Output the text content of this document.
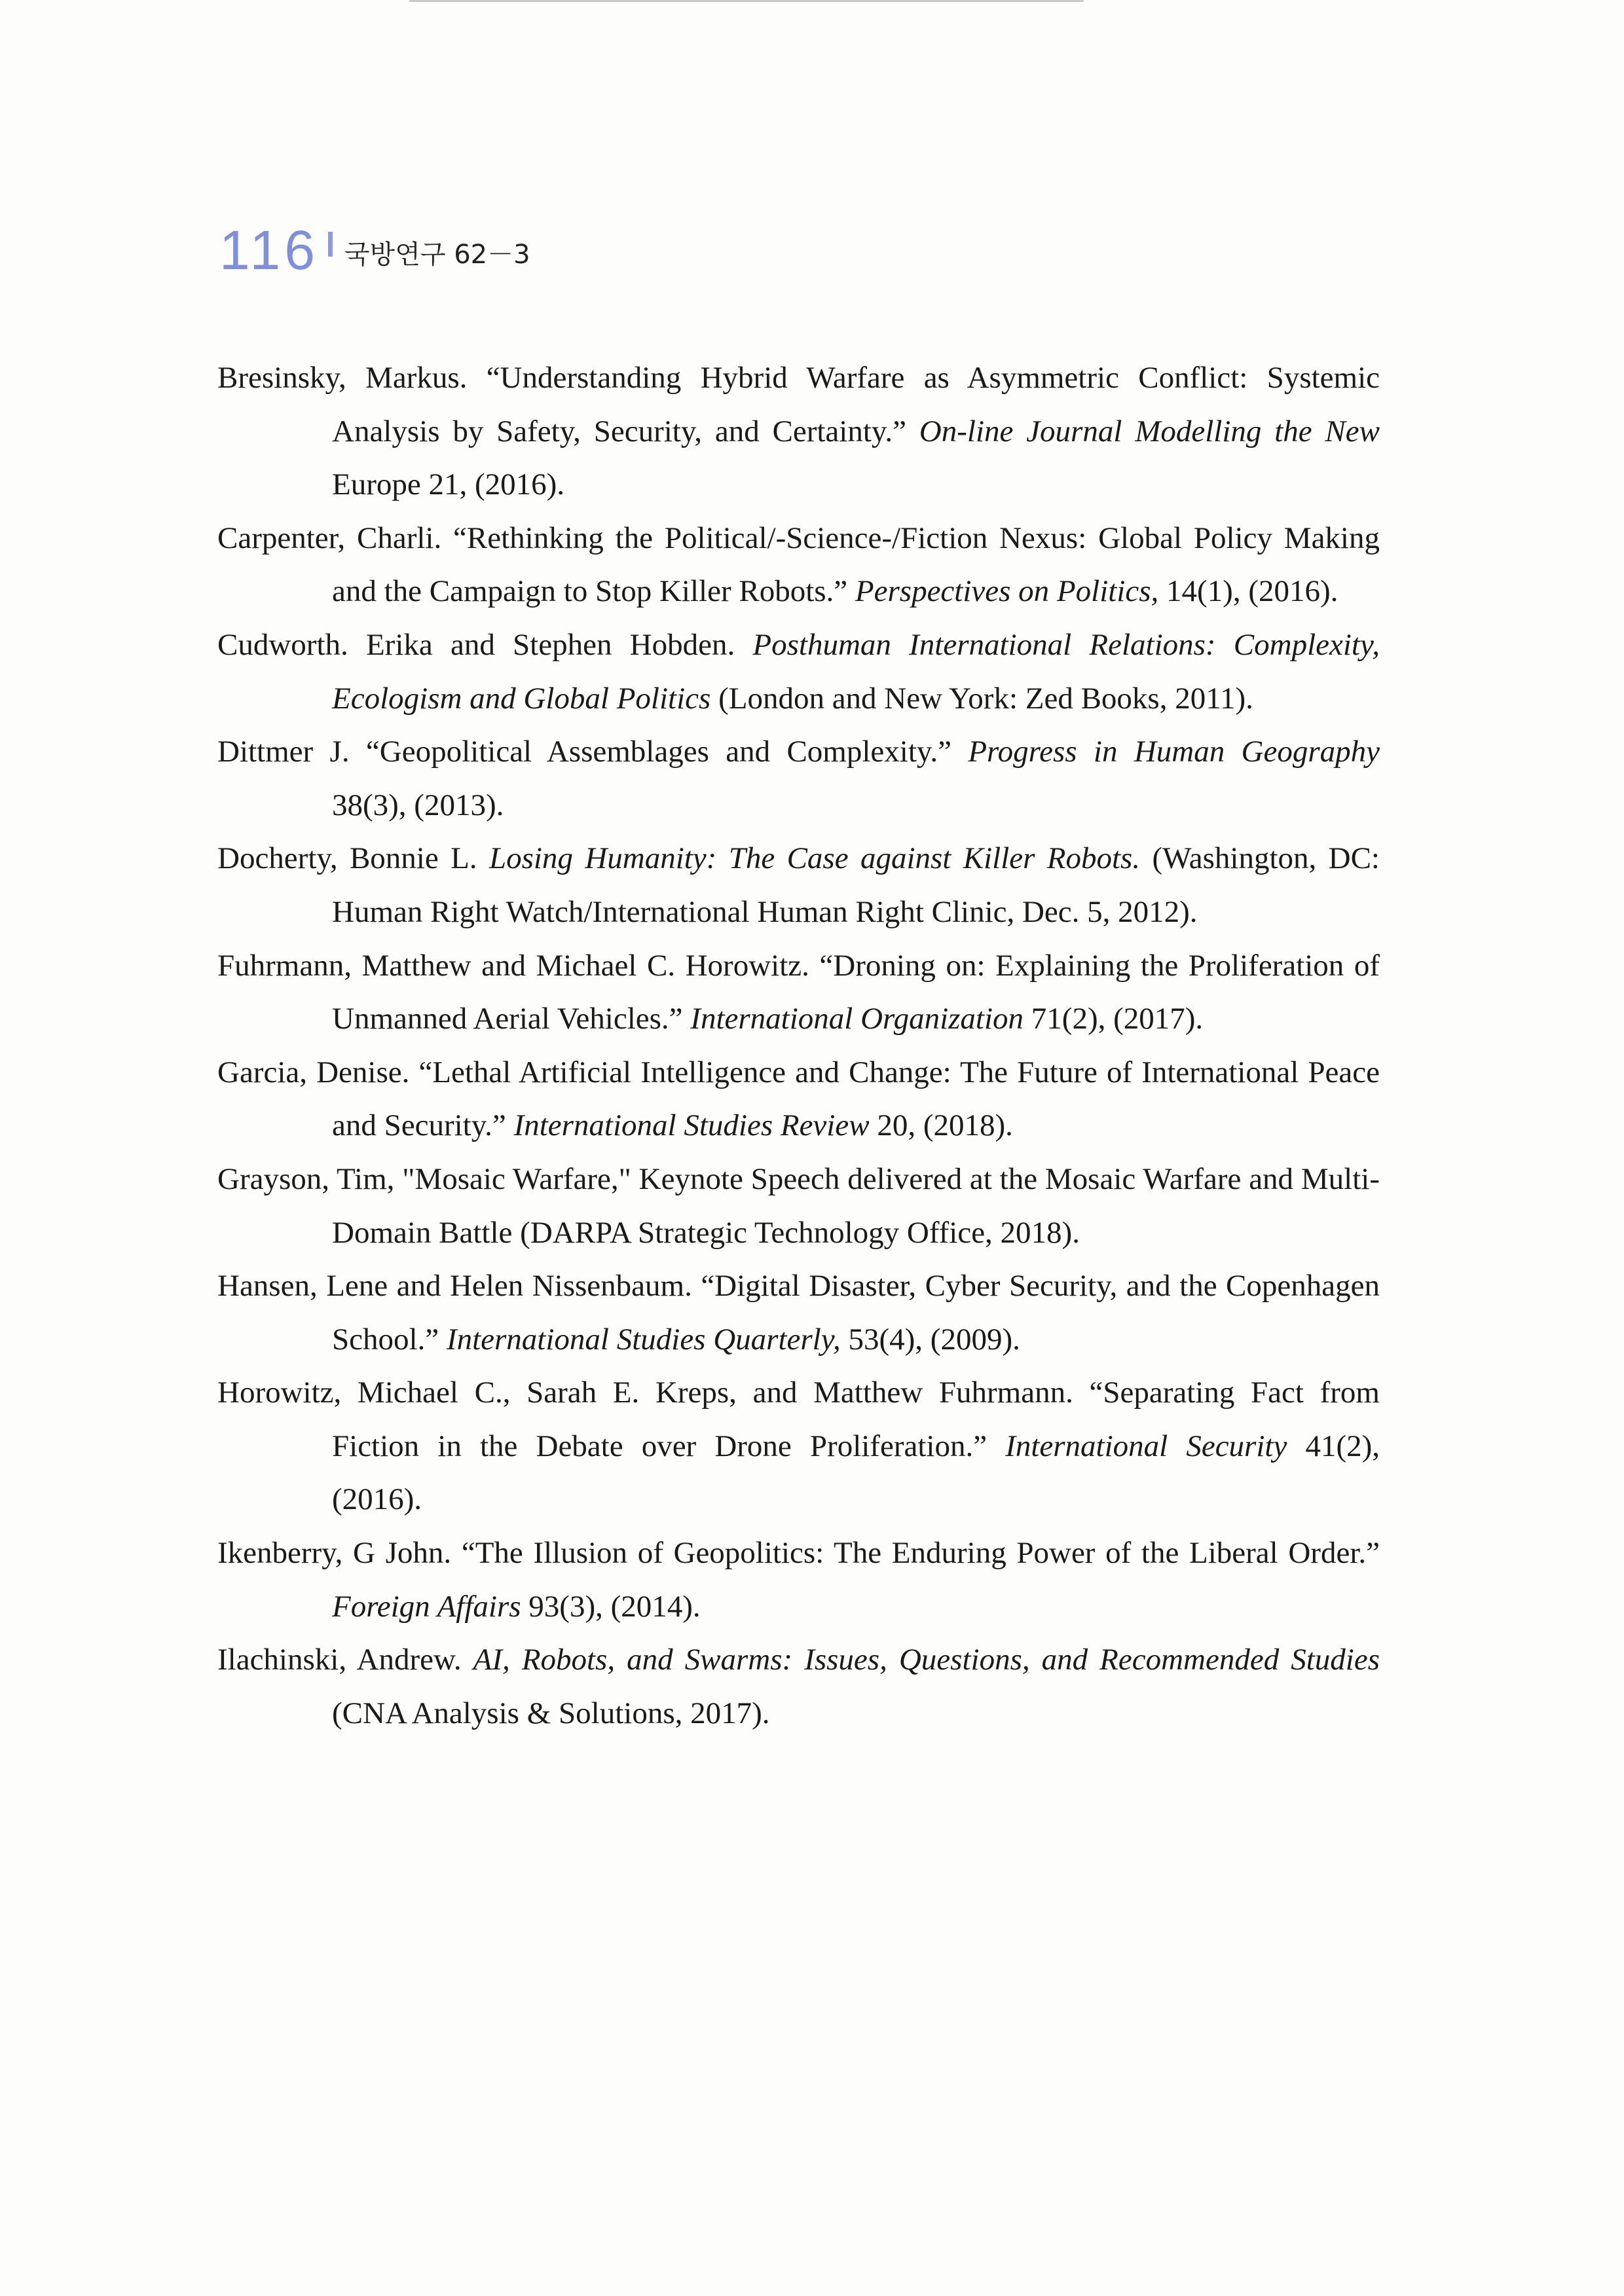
116 국방연구 62－3

Bresinsky, Markus. “Understanding Hybrid Warfare as Asymmetric Conflict: Systemic Analysis by Safety, Security, and Certainty.” On-line Journal Modelling the New Europe 21, (2016).

Carpenter, Charli. “Rethinking the Political/-Science-/Fiction Nexus: Global Policy Making and the Campaign to Stop Killer Robots.” Perspectives on Politics, 14(1), (2016).

Cudworth. Erika and Stephen Hobden. Posthuman International Relations: Complexity, Ecologism and Global Politics (London and New York: Zed Books, 2011).

Dittmer J. “Geopolitical Assemblages and Complexity.” Progress in Human Geography 38(3), (2013).

Docherty, Bonnie L. Losing Humanity: The Case against Killer Robots. (Washington, DC: Human Right Watch/International Human Right Clinic, Dec. 5, 2012).

Fuhrmann, Matthew and Michael C. Horowitz. “Droning on: Explaining the Proliferation of Unmanned Aerial Vehicles.” International Organization 71(2), (2017).

Garcia, Denise. “Lethal Artificial Intelligence and Change: The Future of International Peace and Security.” International Studies Review 20, (2018).

Grayson, Tim, "Mosaic Warfare," Keynote Speech delivered at the Mosaic Warfare and Multi-Domain Battle (DARPA Strategic Technology Office, 2018).

Hansen, Lene and Helen Nissenbaum. “Digital Disaster, Cyber Security, and the Copenhagen School.” International Studies Quarterly, 53(4), (2009).

Horowitz, Michael C., Sarah E. Kreps, and Matthew Fuhrmann. “Separating Fact from Fiction in the Debate over Drone Proliferation.” International Security 41(2), (2016).

Ikenberry, G John. “The Illusion of Geopolitics: The Enduring Power of the Liberal Order.” Foreign Affairs 93(3), (2014).

Ilachinski, Andrew. AI, Robots, and Swarms: Issues, Questions, and Recommended Studies (CNA Analysis & Solutions, 2017).
